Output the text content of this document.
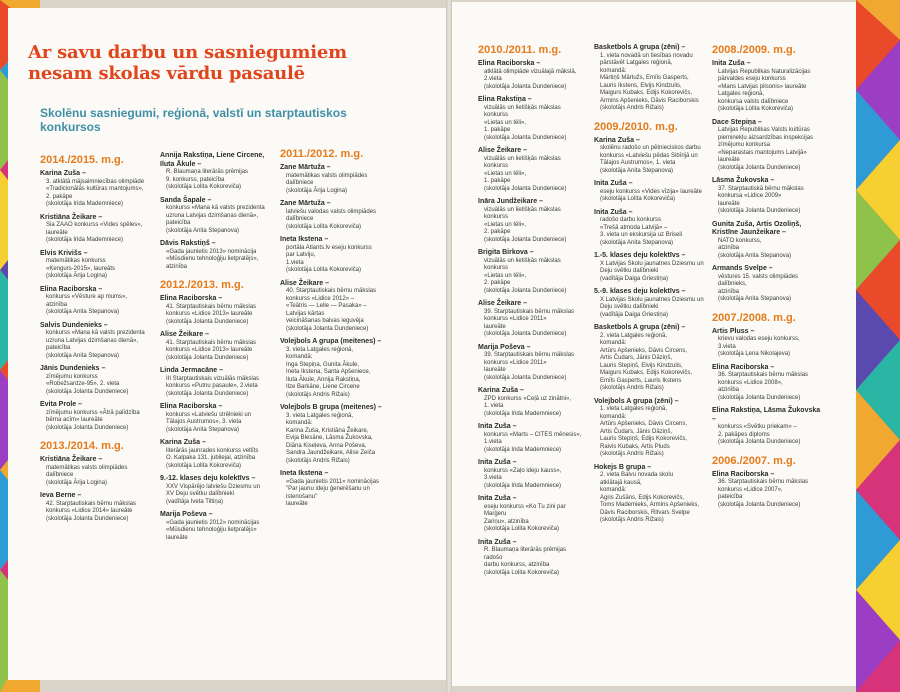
Ar savu darbu un sasniegumiem nesam skolas vārdu pasaulē
Skolēnu sasniegumi, reģionā, valstī un starptautiskos konkursos
2014./2015. m.g.
Karina Zuša –
3. atklātā mājsaimniecības olimpiāde
«Tradicionālās kultūras mantojums»,
2. pakāpe
(skolotāja Irida Mademniece)
Kristiāna Žeikare –
Sia ZAAO konkurss «Vides spēles»,
laureāte
(skolotāja Irida Mademniece)
Elvis Krivišs –
matemātikas konkurss
«Ķengurs-2015», laureāts
(skolotāja Ārija Logina)
Elina Raciborska –
konkurss «Vēsture ap mums»,
atzinība
(skolotāja Anita Stepanova)
Salvis Dundenieks –
konkurss «Mana kā valsts prezidenta
uzruna Latvijas dzimšanas dienā»,
pateicība
(skolotāja Anita Stepanova)
Jānis Dundenieks –
zīmējumu konkurss
«Robežsardze-95», 2. vieta
(skolotāja Jolanta Dundeniece)
Evita Prole –
zīmējumu konkurss «Ātrā palīdzība
bērna acīm» laureāte
(skolotāja Jolanta Dundeniece)
2013./2014. m.g.
Kristiāna Žeikare –
matemātikas valsts olimpiādes
dalībniece
(skolotāja Ārija Logina)
Ieva Berne –
42. Starptautiskais bērnu mākslas
konkurss «Lidice 2014» laureāte
(skolotāja Jolanta Dundeniece)
Annija Rakstiņa, Liene Circene, Iluta Ākule –
R. Blaumaņa literārās prēmijas
9. konkurss, pateicība
(skolotāja Lolita Kokoreviča)
Sanda Šapale –
konkurss «Mana kā valsts prezidenta
uzruna Latvijas dzimšanas dienā»,
pateicība
(skolotāja Anita Stepanova)
Dāvis Rakstiņš –
«Gada jaunietis 2013» nominācija
«Mūsdienu tehnoloģiju lietpratējs»,
atzinība
2012./2013. m.g.
Elina Raciborska –
41. Starptautiskais bērnu mākslas
konkurss «Lidice 2013» laureāte
(skolotāja Jolanta Dundeniece)
Alise Žeikare –
41. Starptautiskais bērnu mākslas
konkurss «Lidice 2013» laureāte
(skolotāja Jolanta Dundeniece)
Linda Jermacāne –
III Starptautiskais vizuālās mākslas
konkurss «Putnu pasaule», 2.vieta
(skolotāja Jolanta Dundeniece)
Elina Raciborska –
konkurss «Latviešu strēlnieki un
Tālajos Austrumos», 3. vieta
(skolotāja Anita Stepanova)
Karina Zuša –
literārās jaunrades konkurss veltīts
O. Kalpaka 131. jubilejai, atzinība
(skolotāja Lolita Kokoreviča)
9.-12. klases deju kolektīvs –
XXV Vispārējo latviešu Dziesmu un
XV Deju svētku dalībnieki
(vadītāja Iveta Tiltiņa)
Marija Poševa –
«Gada jaunietis 2012» nominācijas
«Mūsdienu tehnoloģiju lietpratējs»
laureāte
2011./2012. m.g.
Zane Mārtuža –
matemātikas valsts olimpiādes
dalībniece
(skolotāja Ārija Logina)
Zane Mārtuža –
latviešu valodas valsts olimpiādes
dalībniece
(skolotāja Lolita Kokoreviča)
Ineta Ikstena –
portāla Atlants.lv eseju konkurss
par Latviju,
1.vieta
(skolotāja Lolita Kokoreviča)
Alise Žeikare –
40. Starptautiskais bērnu mākslas
konkurss «Lidice 2012» –
«Teātris — Lelle — Pasaka» –
Latvijas kārtas
veicināšanas balvas ieguvēja
(skolotāja Jolanta Dundeniece)
Volejbols A grupa (meitenes) –
3. vieta Latgales reģionā,
komandā:
Inga Stepiņa, Gunita Ākule,
Ineta Ikstena, Santa Apšeniece,
Iluta Ākule, Annija Rakstiņa,
Ilze Barkāne, Liene Circene
(skolotājs Andris Rižais)
Volejbols B grupa (meitenes) –
3. vieta Latgales reģionā,
komandā:
Karina Zuša, Kristiāna Žeikare,
Evija Blesāne, Lāsma Žukovska,
Diāna Kiseļeva, Anna Poševa,
Sandra Jaundžeikare, Alise Zeiča
(skolotājs Andris Rižais)
Ineta Ikstena –
«Gada jaunietis 2011» nominācijas
"Par jaunu ideju ģenerēšanu un
istenošanu"
laureāte
2010./2011. m.g.
Elina Raciborska –
atklātā olimpiāde vizuālajā mākslā,
2.vieta
(skolotāja Jolanta Dundeniece)
Elina Rakstiņa –
vizuālās un lietišķās mākslas konkurss
«Lietas un tēli»,
1. pakāpe
(skolotāja Jolanta Dundeniece)
Alise Žeikare –
vizuālās un lietišķās mākslas konkurss
«Lietas un tēli»,
1. pakāpe
(skolotāja Jolanta Dundeniece)
Ināra Jundžeikare –
vizuālās un lietišķās mākslas konkurss
«Lietas un tēli»,
2. pakāpe
(skolotāja Jolanta Dundeniece)
Brigita Birkova –
vizuālās un lietišķās mākslas konkurss
«Lietas un tēli»,
2. pakāpe
(skolotāja Jolanta Dundeniece)
Alise Žeikare –
39. Starptautiskais bērnu mākslas
konkurss «Lidice 2011»
laureāte
(skolotāja Jolanta Dundeniece)
Marija Poševa –
39. Starptautiskais bērnu mākslas
konkurss «Lidice 2011»
laureāte
(skolotāja Jolanta Dundeniece)
Karina Zuša –
ZPD konkurss «Ceļā uz zinātni»,
1. vieta
(skolotāja Irida Mademniece)
Inita Zuša –
konkurss «Marts – CITES mēnesis»,
1.vieta
(skolotāja Irida Mademniece)
Inita Zuša –
konkurss «Zaļo ideju kauss»,
3.vieta
(skolotāja Irida Mademniece)
Inita Zuša –
eseju konkurss «Ko Tu zini par Marģeru
Zariņu», atzinība
(skolotāja Lolita Kokoreviča)
Inita Zuša –
R. Blaumaņa literārās prēmijas radošo
darbu konkurss, atzinība
(skolotāja Lolita Kokoreviča)
Basketbols A grupa (zēni) –
1. vieta novadā un tiesības novadu
pārstāvēt Latgales reģionā,
komandā:
Mārtiņš Mārtužs, Emīls Gasperts,
Lauris Ikstens, Elvijs Kindzulis,
Maigurs Kubaks, Edijs Kokorevičs,
Armins Apšenieks, Dāvis Raciborskis
(skolotājs Andris Rižais)
2009./2010. m.g.
Karina Zuša –
skolēnu radošo un pētnieciskos darbu
konkurss «Latviešu pēdas Sibīrijā un
Tālajos Austrumos», 1. vieta
(skolotāja Anita Stepanova)
Inita Zuša –
eseju konkurss «Vides vīzija» laureāte
(skolotāja Lolita Kokoreviča)
Inita Zuša –
radošo darbu konkurss
«Trešā atmoda Latvijā» –
3. vieta un ekskursija uz Briseli
(skolotāja Anita Stepanova)
1.-5. klases deju kolektīvs –
X Latvijas Skolu jaunatnes Dziesmu un
Deju svētku dalībnieki
(vadītāja Daiga Griestiņa)
5.-9. klases deju kolektīvs –
X Latvijas Skolu jaunatnes Dziesmu un
Deju svētku dalībnieki
(vadītāja Daiga Griestiņa)
Basketbols A grupa (zēni) –
2. vieta Latgales reģionā,
komandā:
Artūrs Apšenieks, Dāvis Circens,
Artis Čudars, Jānis Dāziņš,
Lauris Stepiņš, Elvijs Kindzulis,
Maigurs Kubaks, Edijs Kokorevičs,
Emīls Gasperts, Lauris Ikstens
(skolotājs Andris Rižais)
Volejbols A grupa (zēni) –
1. vieta Latgales reģionā,
komandā:
Artūrs Apšenieks, Dāvis Circens,
Artis Čudars, Jānis Dāziņš,
Lauris Stepiņš, Edijs Kokorevičs,
Raivis Kubaks, Artis Pluds
(skolotājs Andris Rižais)
Hokejs B grupa –
2. vieta Balvu novada skolu
atklātajā kausā,
komandā:
Agris Zušāns, Edijs Kokorevičs,
Toms Mademieks, Armins Apšenieks,
Dāvis Raciborskis, Ritvars Svelpe
(skolotājs Andris Rižais)
2008./2009. m.g.
Inita Zuša –
Latvijas Republikas Naturalizācijas
pārvaldes eseju konkurss
«Mans Latvijas pilsonis» laureāte
Latgales reģionā,
konkursa valsts dalībniece
(skolotāja Lolita Kokoreviča)
Dace Stepiņa –
Latvijas Republikas Valsts kultūras
pieminekļu aizsardzības inspekcijas
zīmējumu konkursa
«Neparastais mantojums Latvijā»
laureāte
(skolotāja Jolanta Dundeniece)
Lāsma Žukovska –
37. Starptautiskā bērnu mākslas
konkursa «Lidice 2009»
laureāte
(skolotāja Jolanta Dundeniece)
Gunita Zuša, Artis Ozoliņš, Kristīne Jaunžeikare –
NATO konkurss,
atzinība
(skolotāja Anita Stepanova)
Armands Svelpe –
vēstures 15. valsts olimpiādes
dalībnieks,
atzinība
(skolotāja Anita Stepanova)
2007./2008. m.g.
Artis Pluss –
krievu valodas eseju konkurss,
3.vieta
(skolotāja Ļena Nikolajeva)
Elina Raciborska –
36. Starptautiskais bērnu mākslas
konkurss «Lidice 2008»,
atzinība
(skolotāja Jolanta Dundeniece)
Elina Rakstiņa, Lāsma Žukovska –
konkurss «Svētku priekam» –
2. pakāpes diploms
(skolotāja Jolanta Dundeniece)
2006./2007. m.g.
Elina Raciborska –
36. Starptautiskais bērnu mākslas
konkurss «Lidice 2007»,
pateicība
(skolotāja Jolanta Dundeniece)
